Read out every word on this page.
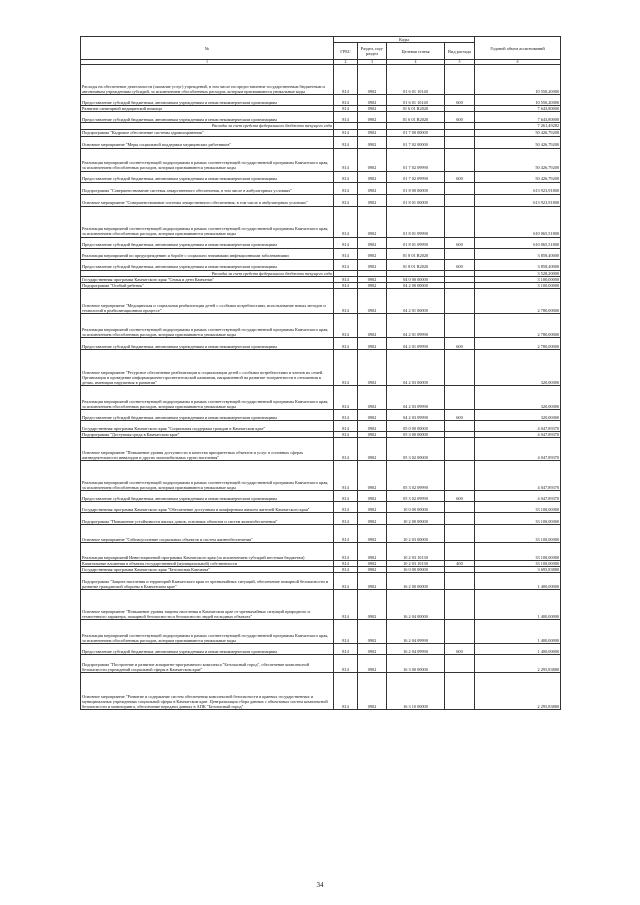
№	Коды				Годовой объем ассигнований
	ГРБС	Раздел, под-раздел	Целевая статья	Вид расхода	
1	2	3	4	5	6
Расходы на обеспечение деятельности (оказание услуг) учреждений, в том числе на предоставление государственным бюджетным и автономным учреждениям субсидий, за исключением обособленных расходов, которым присваиваются уникальные коды	814	0902	01 6 01 10140		10 550,20000
Предоставление субсидий бюджетным, автономным учреждениям и иным некоммерческим организациям	814	0902	01 6 01 10140	600	10 550,20000
Развитие санитарной медицинской помощи	814	0902	01 6 01 R2020		7 643,80000
Предоставление субсидий бюджетным, автономным учреждениям и иным некоммерческим организациям	814	0902	01 6 01 R2020	600	7 643,80000
Расходы за счет средств федерального бюджета текущего года					7 261,49282
Подпрограмма "Кадровое обеспечение системы здравоохранения"	814	0902	01 7 00 00000		50 426,79200
Основное мероприятие "Меры социальной поддержки медицинских работников"	814	0902	01 7 02 00000		50 426,79200
Реализация мероприятий соответствующей подпрограммы в рамках соответствующей государственной программы Камчатского края, за исключением обособленных расходов, которым присваиваются уникальные коды	814	0902	01 7 02 09990		50 426,79200
Предоставление субсидий бюджетным, автономным учреждениям и иным некоммерческим организациям	814	0902	01 7 02 09990	600	50 426,79200
Подпрограмма "Совершенствование системы лекарственного обеспечения, в том числе в амбулаторных условиях"	814	0902	01 8 00 00000		613 923,91800
Основное мероприятие "Совершенствование системы лекарственного обеспечения, в том числе в амбулаторных условиях"	814	0902	01 8 01 00000		613 923,91800
Реализация мероприятий соответствующей подпрограммы в рамках соответствующей государственной программы Камчатского края, за исключением обособленных расходов, которым присваиваются уникальные коды	814	0902	01 8 01 09990		610 065,51800
Предоставление субсидий бюджетным, автономным учреждениям и иным некоммерческим организациям	814	0902	01 8 01 09990	600	610 065,51800
Реализация мероприятий по предупреждению и борьбе с социально значимыми инфекционными заболеваниями	814	0902	01 8 01 R2020		3 858,40000
Предоставление субсидий бюджетным, автономным учреждениям и иным некоммерческим организациям	814	0902	01 8 01 R2020	600	3 858,40000
Расходы за счет средств федерального бюджета текущего года					3 528,20000
Государственная программа Камчатского края "Семья и дети Камчатки"	814	0902	04 0 00 00000		3 100,00000
Подпрограмма "Особый ребенок"	814	0902	04 2 00 00000		3 100,00000
Основное мероприятие "Медицинская и социальная реабилитация детей с особыми потребностями, использование новых методов и технологий в реабилитационном процессе"	814	0902	04 2 01 00000		2 780,00000
Реализация мероприятий соответствующей подпрограммы в рамках соответствующей государственной программы Камчатского края, за исключением обособленных расходов, которым присваиваются уникальные коды	814	0902	04 2 01 09990		2 780,00000
Предоставление субсидий бюджетным, автономным учреждениям и иным некоммерческим организациям	814	0902	04 2 01 09990	600	2 780,00000
Основное мероприятие "Ресурсное обеспечение реабилитации и социализации детей с особыми потребностями и членов их семей. Организация и проведение информационно-просветительской кампании, направленной на развитие толерантности в отношении к детям, имеющим нарушения в развитии"	814	0902	04 2 03 00000		320,00000
Реализация мероприятий соответствующей подпрограммы в рамках соответствующей государственной программы Камчатского края, за исключением обособленных расходов, которым присваиваются уникальные коды	814	0902	04 2 03 09990		320,00000
Предоставление субсидий бюджетным, автономным учреждениям и иным некоммерческим организациям	814	0902	04 2 03 09990	600	320,00000
Государственная программа Камчатского края "Социальная поддержка граждан в Камчатском крае"	814	0902	05 0 00 00000		4 047,89370
Подпрограмма "Доступная среда в Камчатском крае"	814	0902	05 3 00 00000		4 047,89370
Основное мероприятие "Повышение уровня доступности и качества приоритетных объектов и услуг в основных сферах жизнедеятельности инвалидов и других маломобильных групп населения"	814	0902	05 3 02 00000		4 047,89370
Реализация мероприятий соответствующей подпрограммы в рамках соответствующей государственной программы Камчатского края, за исключением обособленных расходов, которым присваиваются уникальные коды	814	0902	05 3 02 09990		4 047,89370
Предоставление субсидий бюджетным, автономным учреждениям и иным некоммерческим организациям	814	0902	05 3 02 09990	600	4 047,89370
Государственная программа Камчатского края "Обеспечение доступным и комфортным жильем жителей Камчатского края"	814	0902	10 0 00 00000		33 100,00000
Подпрограмма "Повышение устойчивости жилых домов, основных объектов и систем жизнеобеспечения"	814	0902	10 2 00 00000		33 100,00000
Основное мероприятие "Сейсмоусиление социальных объектов и систем жизнеобеспечения"	814	0902	10 2 03 00000		33 100,00000
Реализация мероприятий Инвестиционной программы Камчатского края (за исключением субсидий местным бюджетам)	814	0902	10 2 03 10130		33 100,00000
Капитальные вложения в объекты государственной (муниципальной) собственности	814	0902	10 2 03 10130	400	33 100,00000
Государственная программа Камчатского края "Безопасная Камчатка"	814	0902	16 0 00 00000		3 695,83880
Подпрограмма "Защита населения и территорий Камчатского края от чрезвычайных ситуаций, обеспечение пожарной безопасности и развитие гражданской обороны в Камчатском крае"	814	0902	16 2 00 00000		1 400,00000
Основное мероприятие "Повышение уровня защиты населения в Камчатском крае от чрезвычайных ситуаций природного и техногенного характера, пожарной безопасности и безопасности людей на водных объектах"	814	0902	16 2 04 00000		1 400,00000
Реализация мероприятий соответствующей подпрограммы в рамках соответствующей государственной программы Камчатского края, за исключением обособленных расходов, которым присваиваются уникальные коды	814	0902	16 2 04 09990		1 400,00000
Предоставление субсидий бюджетным, автономным учреждениям и иным некоммерческим организациям	814	0902	16 2 04 09990	600	1 400,00000
Подпрограмма "Построение и развитие аппаратно-программного комплекса "Безопасный город", обеспечение комплексной безопасности учреждений социальной сферы в Камчатском крае"	814	0902	16 3 00 00000		2 295,83880
Основное мероприятие "Развитие и содержание систем обеспечения комплексной безопасности в краевых государственных и муниципальных учреждениях социальной сферы в Камчатском крае. Централизация сбора данных с объектовых систем комплексной безопасности и мониторинга, обеспечение передачи данных в АПК "Безопасный город"	814	0902	16 3 10 00000		2 295,83880
34
